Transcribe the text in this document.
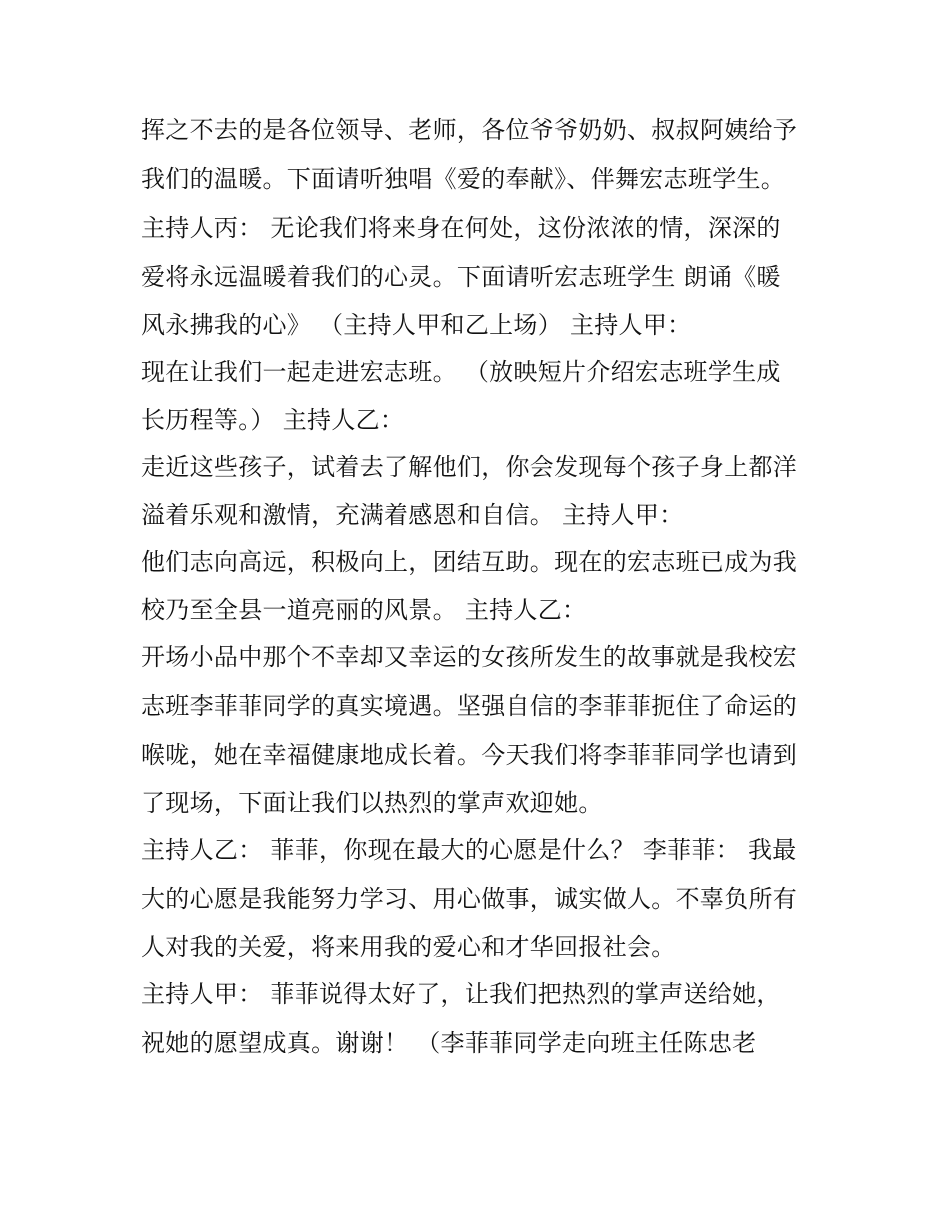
挥之不去的是各位领导、老师，各位爷爷奶奶、叔叔阿姨给予
我们的温暖。下面请听独唱《爱的奉献》、伴舞宏志班学生。
主持人丙： 无论我们将来身在何处，这份浓浓的情，深深的
爱将永远温暖着我们的心灵。下面请听宏志班学生 朗诵《暖
风永拂我的心》 （主持人甲和乙上场） 主持人甲：
现在让我们一起走进宏志班。 （放映短片介绍宏志班学生成
长历程等。） 主持人乙：
走近这些孩子，试着去了解他们，你会发现每个孩子身上都洋
溢着乐观和激情，充满着感恩和自信。 主持人甲：
他们志向高远，积极向上，团结互助。现在的宏志班已成为我
校乃至全县一道亮丽的风景。 主持人乙：
开场小品中那个不幸却又幸运的女孩所发生的故事就是我校宏
志班李菲菲同学的真实境遇。坚强自信的李菲菲扼住了命运的
喉咙，她在幸福健康地成长着。今天我们将李菲菲同学也请到
了现场，下面让我们以热烈的掌声欢迎她。
主持人乙： 菲菲，你现在最大的心愿是什么？ 李菲菲： 我最
大的心愿是我能努力学习、用心做事，诚实做人。不辜负所有
人对我的关爱，将来用我的爱心和才华回报社会。
主持人甲： 菲菲说得太好了，让我们把热烈的掌声送给她，
祝她的愿望成真。谢谢！ （李菲菲同学走向班主任陈忠老
